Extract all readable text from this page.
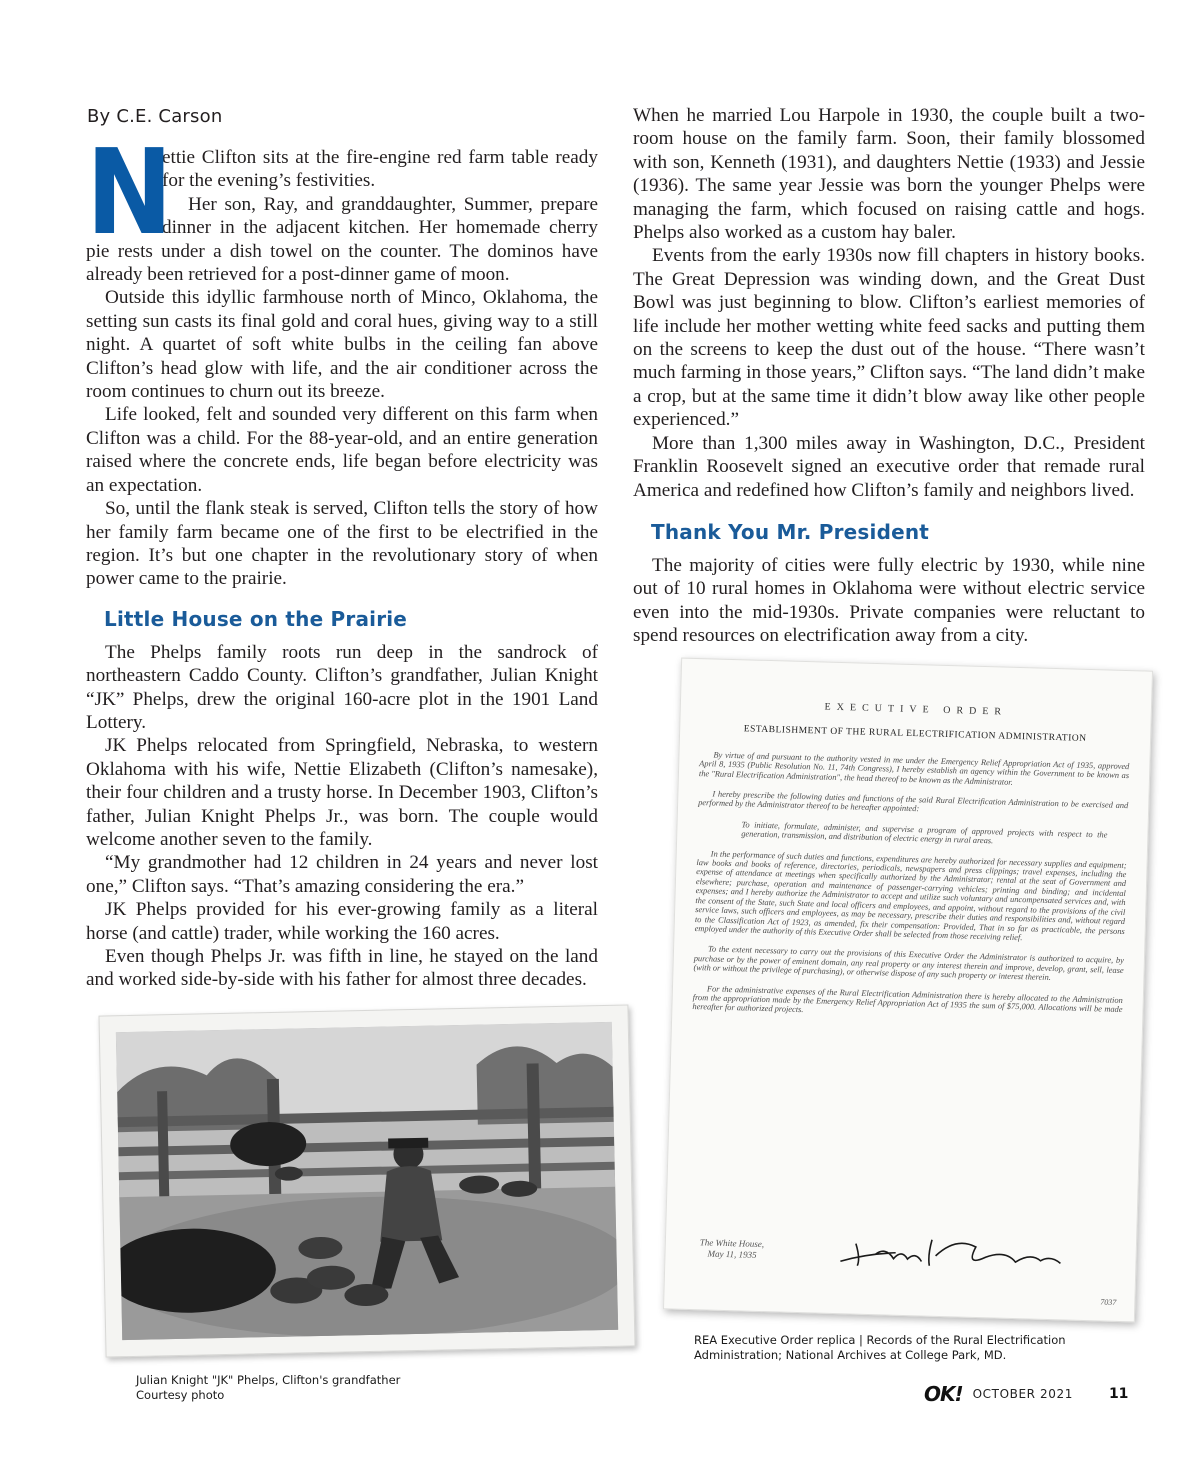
By C.E. Carson

N
ettie Clifton sits at the fire-engine red farm table ready for the evening’s festivities.

Her son, Ray, and granddaughter, Summer, prepare dinner in the adjacent kitchen. Her homemade cherry pie rests under a dish towel on the counter. The dominos have already been retrieved for a post-dinner game of moon.

Outside this idyllic farmhouse north of Minco, Oklahoma, the setting sun casts its final gold and coral hues, giving way to a still night. A quartet of soft white bulbs in the ceiling fan above Clifton’s head glow with life, and the air conditioner across the room continues to churn out its breeze.

Life looked, felt and sounded very different on this farm when Clifton was a child. For the 88-year-old, and an entire generation raised where the concrete ends, life began before electricity was an expectation.

So, until the flank steak is served, Clifton tells the story of how her family farm became one of the first to be electrified in the region. It’s but one chapter in the revolutionary story of when power came to the prairie.

Little House on the Prairie

The Phelps family roots run deep in the sandrock of northeastern Caddo County. Clifton’s grandfather, Julian Knight “JK” Phelps, drew the original 160-acre plot in the 1901 Land Lottery.

JK Phelps relocated from Springfield, Nebraska, to western Oklahoma with his wife, Nettie Elizabeth (Clifton’s namesake), their four children and a trusty horse. In December 1903, Clifton’s father, Julian Knight Phelps Jr., was born. The couple would welcome another seven to the family.

“My grandmother had 12 children in 24 years and never lost one,” Clifton says. “That’s amazing considering the era.”

JK Phelps provided for his ever-growing family as a literal horse (and cattle) trader, while working the 160 acres.

Even though Phelps Jr. was fifth in line, he stayed on the land and worked side-by-side with his father for almost three decades.

When he married Lou Harpole in 1930, the couple built a two-room house on the family farm. Soon, their family blossomed with son, Kenneth (1931), and daughters Nettie (1933) and Jessie (1936). The same year Jessie was born the younger Phelps were managing the farm, which focused on raising cattle and hogs. Phelps also worked as a custom hay baler.

Events from the early 1930s now fill chapters in history books. The Great Depression was winding down, and the Great Dust Bowl was just beginning to blow. Clifton’s earliest memories of life include her mother wetting white feed sacks and putting them on the screens to keep the dust out of the house. “There wasn’t much farming in those years,” Clifton says. “The land didn’t make a crop, but at the same time it didn’t blow away like other people experienced.”

More than 1,300 miles away in Washington, D.C., President Franklin Roosevelt signed an executive order that remade rural America and redefined how Clifton’s family and neighbors lived.

Thank You Mr. President

The majority of cities were fully electric by 1930, while nine out of 10 rural homes in Oklahoma were without electric service even into the mid-1930s. Private companies were reluctant to spend resources on electrification away from a city.

EXECUTIVE ORDER
ESTABLISHMENT OF THE RURAL ELECTRIFICATION ADMINISTRATION

By virtue of and pursuant to the authority vested in me under the Emergency Relief Appropriation Act of 1935, approved April 8, 1935 (Public Resolution No. 11, 74th Congress), I hereby establish an agency within the Government to be known as the "Rural Electrification Administration", the head thereof to be known as the Administrator.

I hereby prescribe the following duties and functions of the said Rural Electrification Administration to be exercised and performed by the Administrator thereof to be hereafter appointed:

To initiate, formulate, administer, and supervise a program of approved projects with respect to the generation, transmission, and distribution of electric energy in rural areas.

In the performance of such duties and functions, expenditures are hereby authorized for necessary supplies and equipment; law books and books of reference, directories, periodicals, newspapers and press clippings; travel expenses, including the expense of attendance at meetings when specifically authorized by the Administrator; rental at the seat of Government and elsewhere; purchase, operation and maintenance of passenger-carrying vehicles; printing and binding; and incidental expenses; and I hereby authorize the Administrator to accept and utilize such voluntary and uncompensated services and, with the consent of the State, such State and local officers and employees, and appoint, without regard to the provisions of the civil service laws, such officers and employees, as may be necessary, prescribe their duties and responsibilities and, without regard to the Classification Act of 1923, as amended, fix their compensation: Provided, That in so far as practicable, the persons employed under the authority of this Executive Order shall be selected from those receiving relief.

To the extent necessary to carry out the provisions of this Executive Order the Administrator is authorized to acquire, by purchase or by the power of eminent domain, any real property or any interest therein and improve, develop, grant, sell, lease (with or without the privilege of purchasing), or otherwise dispose of any such property or interest therein.

For the administrative expenses of the Rural Electrification Administration there is hereby allocated to the Administration from the appropriation made by the Emergency Relief Appropriation Act of 1935 the sum of $75,000. Allocations will be made hereafter for authorized projects.

The White House,
May 11, 1935
7037
Julian Knight "JK" Phelps, Clifton's grandfather
Courtesy photo
REA Executive Order replica | Records of the Rural Electrification
Administration; National Archives at College Park, MD.
OK! OCTOBER 2021	11
